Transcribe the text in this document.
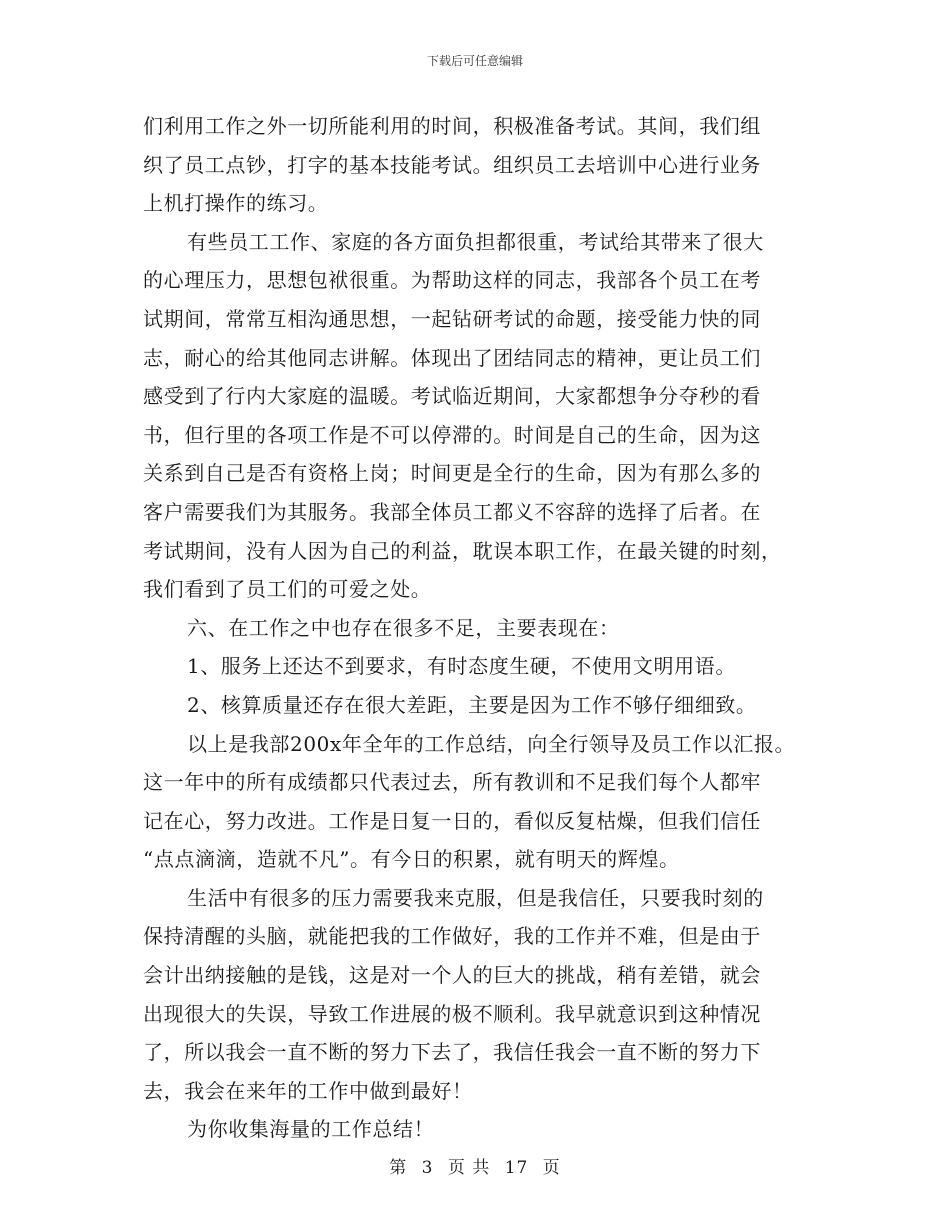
下载后可任意编辑
们利用工作之外一切所能利用的时间，积极准备考试。其间，我们组
织了员工点钞，打字的基本技能考试。组织员工去培训中心进行业务
上机打操作的练习。
有些员工工作、家庭的各方面负担都很重，考试给其带来了很大
的心理压力，思想包袱很重。为帮助这样的同志，我部各个员工在考
试期间，常常互相沟通思想，一起钻研考试的命题，接受能力快的同
志，耐心的给其他同志讲解。体现出了团结同志的精神，更让员工们
感受到了行内大家庭的温暖。考试临近期间，大家都想争分夺秒的看
书，但行里的各项工作是不可以停滞的。时间是自己的生命，因为这
关系到自己是否有资格上岗；时间更是全行的生命，因为有那么多的
客户需要我们为其服务。我部全体员工都义不容辞的选择了后者。在
考试期间，没有人因为自己的利益，耽误本职工作，在最关键的时刻，
我们看到了员工们的可爱之处。
六、在工作之中也存在很多不足，主要表现在：
1、服务上还达不到要求，有时态度生硬，不使用文明用语。
2、核算质量还存在很大差距，主要是因为工作不够仔细细致。
以上是我部200x年全年的工作总结，向全行领导及员工作以汇报。
这一年中的所有成绩都只代表过去，所有教训和不足我们每个人都牢
记在心，努力改进。工作是日复一日的，看似反复枯燥，但我们信任
“点点滴滴，造就不凡”。有今日的积累，就有明天的辉煌。
生活中有很多的压力需要我来克服，但是我信任，只要我时刻的
保持清醒的头脑，就能把我的工作做好，我的工作并不难，但是由于
会计出纳接触的是钱，这是对一个人的巨大的挑战，稍有差错，就会
出现很大的失误，导致工作进展的极不顺利。我早就意识到这种情况
了，所以我会一直不断的努力下去了，我信任我会一直不断的努力下
去，我会在来年的工作中做到最好！
为你收集海量的工作总结！
第 3 页 共 17 页
